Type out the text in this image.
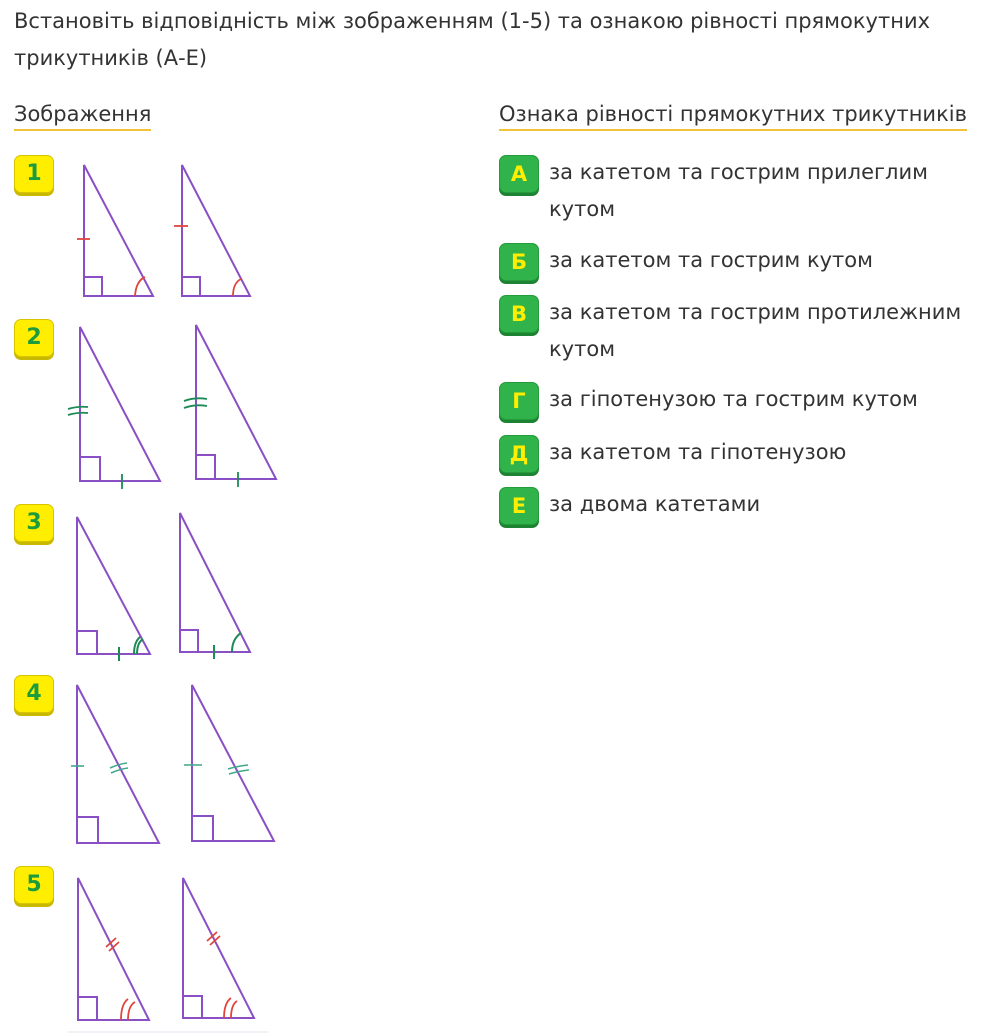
Встановіть відповідність між зображенням (1-5) та ознакою рівності прямокутних трикутників (А-Е)
Зображення	Ознака рівності прямокутних трикутників
1
2
3
4
5
А	за катетом та гострим прилеглим кутом
Б	за катетом та гострим кутом
В	за катетом та гострим протилежним кутом
Г	за гіпотенузою та гострим кутом
Д за катетом та гіпотенузою
Е	за двома катетами
